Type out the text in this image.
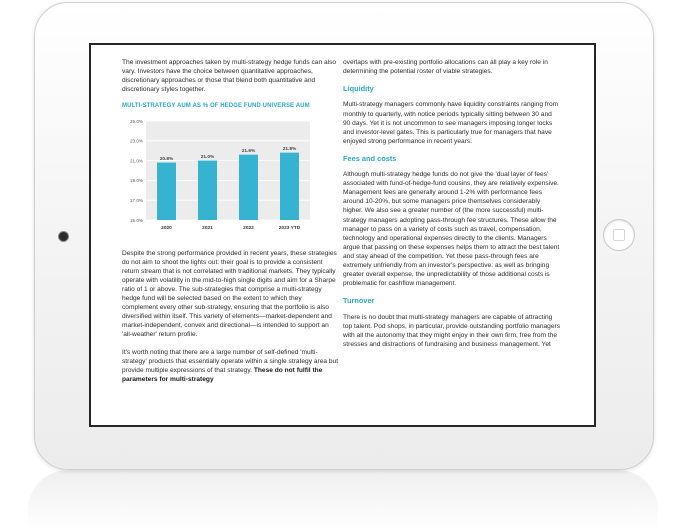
The investment approaches taken by multi-strategy hedge funds can also vary. Investors have the choice between quantitative approaches, discretionary approaches or those that blend both quantitative and discretionary styles together.

MULTI-STRATEGY AUM AS % OF HEDGE FUND UNIVERSE AUM
25.0%
23.0%
21.0%
19.0%
17.0%
15.0%
20.8%
2020
21.0%
2021
21.6%
2022
21.8%
2023 YTD

Despite the strong performance provided in recent years, these strategies do not aim to shoot the lights out: their goal is to provide a consistent return stream that is not correlated with traditional markets. They typically operate with volatility in the mid-to-high single digits and aim for a Sharpe ratio of 1 or above. The sub-strategies that comprise a multi-strategy hedge fund will be selected based on the extent to which they complement every other sub-strategy, ensuring that the portfolio is also diversified within itself. This variety of elements—market-dependent and market-independent, convex and directional—is intended to support an 'all-weather' return profile.

It's worth noting that there are a large number of self-defined 'multi-strategy' products that essentially operate within a single strategy area but provide multiple expressions of that strategy. These do not fulfil the parameters for multi-strategy

overlaps with pre-existing portfolio allocations can all play a key role in determining the potential roster of viable strategies.

Liquidity

Multi-strategy managers commonly have liquidity constraints ranging from monthly to quarterly, with notice periods typically sitting between 30 and 90 days. Yet it is not uncommon to see managers imposing longer locks and investor-level gates. This is particularly true for managers that have enjoyed strong performance in recent years.

Fees and costs

Although multi-strategy hedge funds do not give the 'dual layer of fees' associated with fund-of-hedge-fund cousins, they are relatively expensive. Management fees are generally around 1-2% with performance fees around 10-20%, but some managers price themselves considerably higher. We also see a greater number of (the more successful) multi-strategy managers adopting pass-through fee structures. These allow the manager to pass on a variety of costs such as travel, compensation, technology and operational expenses directly to the clients. Managers argue that passing on these expenses helps them to attract the best talent and stay ahead of the competition. Yet these pass-through fees are extremely unfriendly from an investor's perspective: as well as bringing greater overall expense, the unpredictability of those additional costs is problematic for cashflow management.

Turnover

There is no doubt that multi-strategy managers are capable of attracting top talent. Pod shops, in particular, provide outstanding portfolio managers with all the autonomy that they might enjoy in their own firm, free from the stresses and distractions of fundraising and business management. Yet
